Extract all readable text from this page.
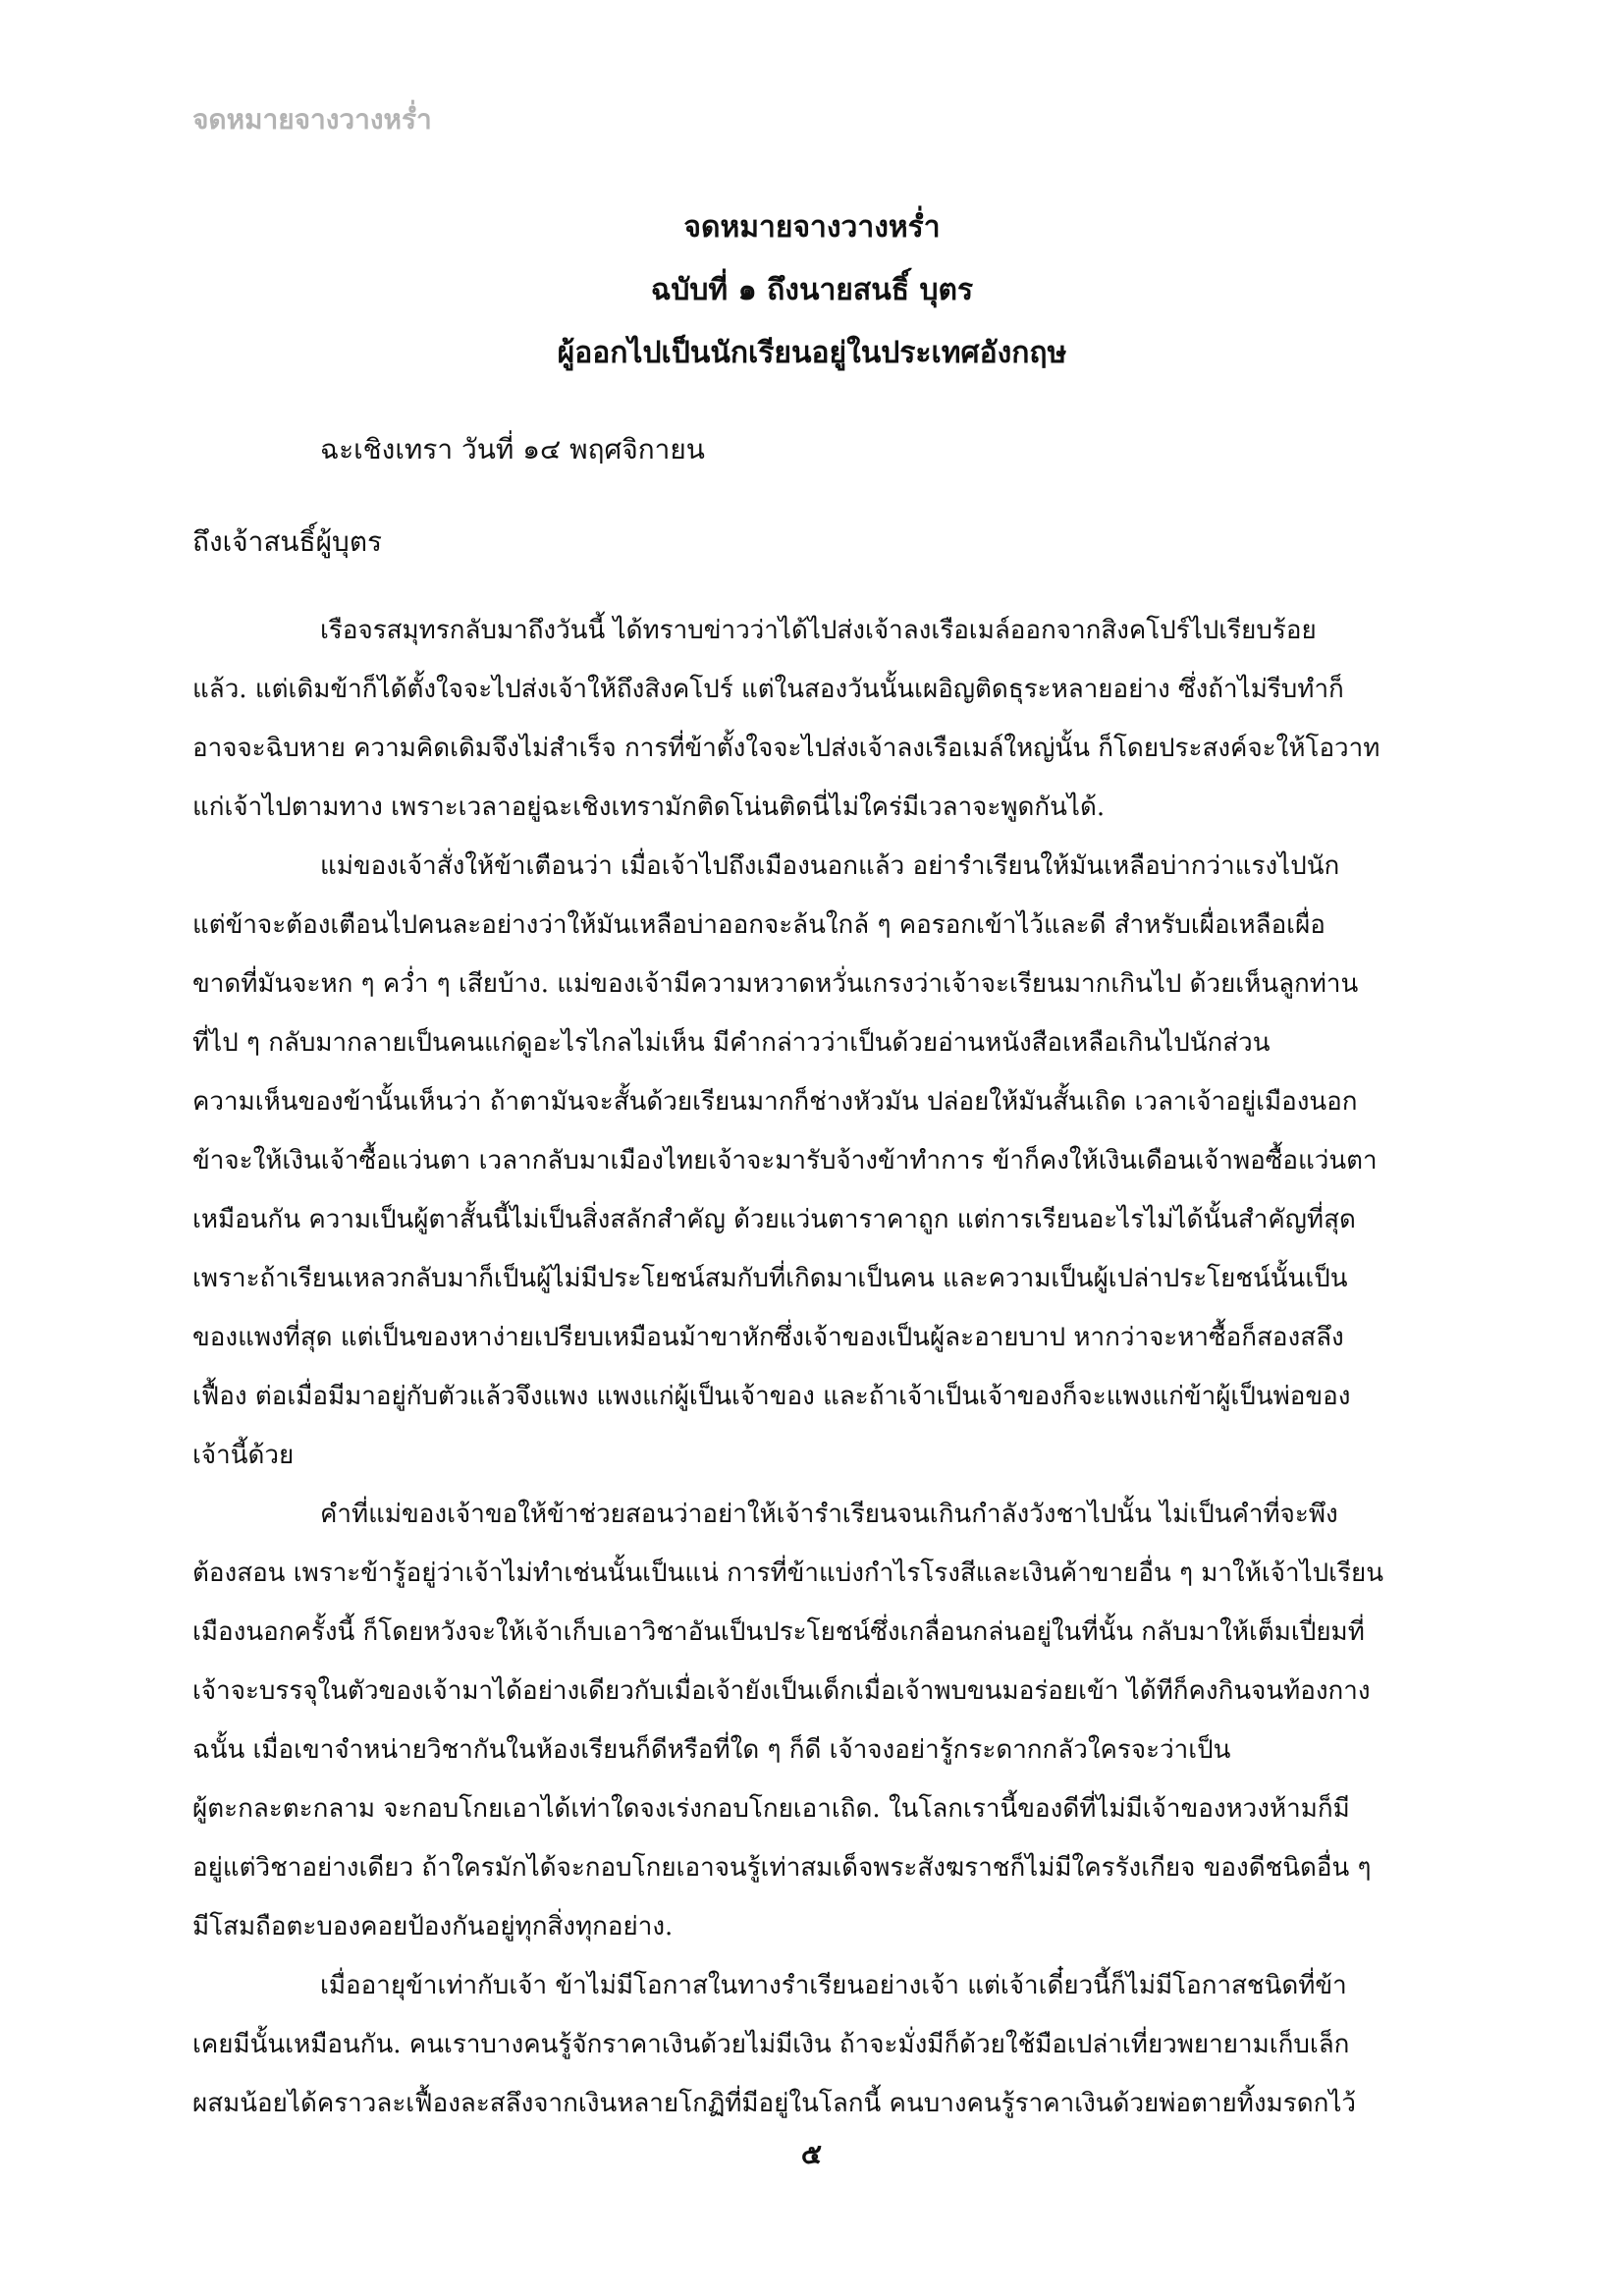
จดหมายจางวางหร่ำ
จดหมายจางวางหร่ำ
ฉบับที่ ๑ ถึงนายสนธิ์ บุตร
ผู้ออกไปเป็นนักเรียนอยู่ในประเทศอังกฤษ
ฉะเชิงเทรา วันที่ ๑๔ พฤศจิกายน
ถึงเจ้าสนธิ์ผู้บุตร
เรือจรสมุทรกลับมาถึงวันนี้ ได้ทราบข่าวว่าได้ไปส่งเจ้าลงเรือเมล์ออกจากสิงคโปร์ไปเรียบร้อย
แล้ว. แต่เดิมข้าก็ได้ตั้งใจจะไปส่งเจ้าให้ถึงสิงคโปร์ แต่ในสองวันนั้นเผอิญติดธุระหลายอย่าง ซึ่งถ้าไม่รีบทำก็
อาจจะฉิบหาย ความคิดเดิมจึงไม่สำเร็จ การที่ข้าตั้งใจจะไปส่งเจ้าลงเรือเมล์ใหญ่นั้น ก็โดยประสงค์จะให้โอวาท
แก่เจ้าไปตามทาง เพราะเวลาอยู่ฉะเชิงเทรามักติดโน่นติดนี่ไม่ใคร่มีเวลาจะพูดกันได้.
แม่ของเจ้าสั่งให้ข้าเตือนว่า เมื่อเจ้าไปถึงเมืองนอกแล้ว อย่ารำเรียนให้มันเหลือบ่ากว่าแรงไปนัก
แต่ข้าจะต้องเตือนไปคนละอย่างว่าให้มันเหลือบ่าออกจะล้นใกล้ ๆ คอรอกเข้าไว้และดี สำหรับเผื่อเหลือเผื่อ
ขาดที่มันจะหก ๆ คว่ำ ๆ เสียบ้าง. แม่ของเจ้ามีความหวาดหวั่นเกรงว่าเจ้าจะเรียนมากเกินไป ด้วยเห็นลูกท่าน
ที่ไป ๆ กลับมากลายเป็นคนแก่ดูอะไรไกลไม่เห็น มีคำกล่าวว่าเป็นด้วยอ่านหนังสือเหลือเกินไปนักส่วน
ความเห็นของข้านั้นเห็นว่า ถ้าตามันจะสั้นด้วยเรียนมากก็ช่างหัวมัน ปล่อยให้มันสั้นเถิด เวลาเจ้าอยู่เมืองนอก
ข้าจะให้เงินเจ้าซื้อแว่นตา เวลากลับมาเมืองไทยเจ้าจะมารับจ้างข้าทำการ ข้าก็คงให้เงินเดือนเจ้าพอซื้อแว่นตา
เหมือนกัน ความเป็นผู้ตาสั้นนี้ไม่เป็นสิ่งสลักสำคัญ ด้วยแว่นตาราคาถูก แต่การเรียนอะไรไม่ได้นั้นสำคัญที่สุด
เพราะถ้าเรียนเหลวกลับมาก็เป็นผู้ไม่มีประโยชน์สมกับที่เกิดมาเป็นคน และความเป็นผู้เปล่าประโยชน์นั้นเป็น
ของแพงที่สุด แต่เป็นของหาง่ายเปรียบเหมือนม้าขาหักซึ่งเจ้าของเป็นผู้ละอายบาป หากว่าจะหาซื้อก็สองสลึง
เฟื้อง ต่อเมื่อมีมาอยู่กับตัวแล้วจึงแพง แพงแก่ผู้เป็นเจ้าของ และถ้าเจ้าเป็นเจ้าของก็จะแพงแก่ข้าผู้เป็นพ่อของ
เจ้านี้ด้วย
คำที่แม่ของเจ้าขอให้ข้าช่วยสอนว่าอย่าให้เจ้ารำเรียนจนเกินกำลังวังชาไปนั้น ไม่เป็นคำที่จะพึง
ต้องสอน เพราะข้ารู้อยู่ว่าเจ้าไม่ทำเช่นนั้นเป็นแน่ การที่ข้าแบ่งกำไรโรงสีและเงินค้าขายอื่น ๆ มาให้เจ้าไปเรียน
เมืองนอกครั้งนี้ ก็โดยหวังจะให้เจ้าเก็บเอาวิชาอันเป็นประโยชน์ซึ่งเกลื่อนกล่นอยู่ในที่นั้น กลับมาให้เต็มเปี่ยมที่
เจ้าจะบรรจุในตัวของเจ้ามาได้อย่างเดียวกับเมื่อเจ้ายังเป็นเด็กเมื่อเจ้าพบขนมอร่อยเข้า ได้ทีก็คงกินจนท้องกาง
ฉนั้น เมื่อเขาจำหน่ายวิชากันในห้องเรียนก็ดีหรือที่ใด ๆ ก็ดี เจ้าจงอย่ารู้กระดากกลัวใครจะว่าเป็น
ผู้ตะกละตะกลาม จะกอบโกยเอาได้เท่าใดจงเร่งกอบโกยเอาเถิด. ในโลกเรานี้ของดีที่ไม่มีเจ้าของหวงห้ามก็มี
อยู่แต่วิชาอย่างเดียว ถ้าใครมักได้จะกอบโกยเอาจนรู้เท่าสมเด็จพระสังฆราชก็ไม่มีใครรังเกียจ ของดีชนิดอื่น ๆ
มีโสมถือตะบองคอยป้องกันอยู่ทุกสิ่งทุกอย่าง.
เมื่ออายุข้าเท่ากับเจ้า ข้าไม่มีโอกาสในทางรำเรียนอย่างเจ้า แต่เจ้าเดี๋ยวนี้ก็ไม่มีโอกาสชนิดที่ข้า
เคยมีนั้นเหมือนกัน. คนเราบางคนรู้จักราคาเงินด้วยไม่มีเงิน ถ้าจะมั่งมีก็ด้วยใช้มือเปล่าเที่ยวพยายามเก็บเล็ก
ผสมน้อยได้คราวละเฟื้องละสลึงจากเงินหลายโกฏิที่มีอยู่ในโลกนี้ คนบางคนรู้ราคาเงินด้วยพ่อตายทิ้งมรดกไว้
๕
